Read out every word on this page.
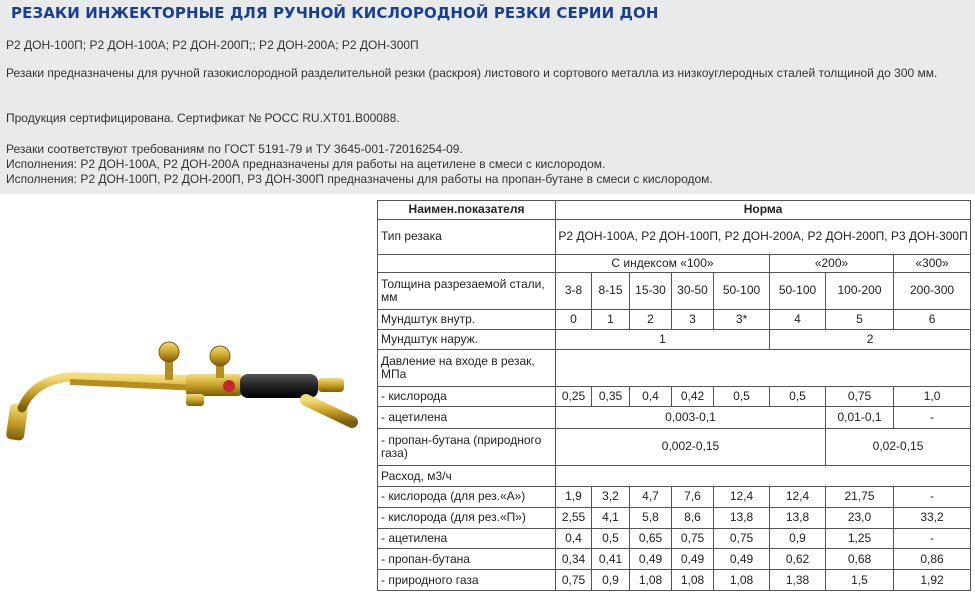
РЕЗАКИ ИНЖЕКТОРНЫЕ ДЛЯ РУЧНОЙ КИСЛОРОДНОЙ РЕЗКИ СЕРИИ ДОН

Р2 ДОН-100П; Р2 ДОН-100А; Р2 ДОН-200П;; Р2 ДОН-200А; Р2 ДОН-300П

Резаки предназначены для ручной газокислородной разделительной резки (раскроя) листового и сортового металла из низкоуглеродных сталей толщиной до 300 мм.

Продукция сертифицирована. Сертификат № РОСС RU.ХТ01.В00088.

Резаки соответствуют требованиям по ГОСТ 5191-79 и ТУ 3645-001-72016254-09.

Исполнения: Р2 ДОН-100А, Р2 ДОН-200А предназначены для работы на ацетилене в смеси с кислородом.

Исполнения: Р2 ДОН-100П, Р2 ДОН-200П, Р3 ДОН-300П предназначены для работы на пропан-бутане в смеси с кислородом.

Наимен.показателя	Норма							
Тип резака	Р2 ДОН-100А, Р2 ДОН-100П, Р2 ДОН-200А, Р2 ДОН-200П, Р3 ДОН-300П							
	С индексом «100»					«200»		«300»
Толщина разрезаемой стали, мм	3-8	8-15	15-30	30-50	50-100	50-100	100-200	200-300
Мундштук внутр.	0	1	2	3	3*	4	5	6
Мундштук наруж.	1					2		
Давление на входе в резак, МПа								
- кислорода	0,25	0,35	0,4	0,42	0,5	0,5	0,75	1,0
- ацетилена	0,003-0,1						0,01-0,1	-
- пропан-бутана (природного газа)	0,002-0,15						0,02-0,15	
Расход, м3/ч								
- кислорода (для рез.«А»)	1,9	3,2	4,7	7,6	12,4	12,4	21,75	-
- кислорода (для рез.«П»)	2,55	4,1	5,8	8,6	13,8	13,8	23,0	33,2
- ацетилена	0,4	0,5	0,65	0,75	0,75	0,9	1,25	-
- пропан-бутана	0,34	0,41	0,49	0,49	0,49	0,62	0,68	0,86
- природного газа	0,75	0,9	1,08	1,08	1,08	1,38	1,5	1,92
